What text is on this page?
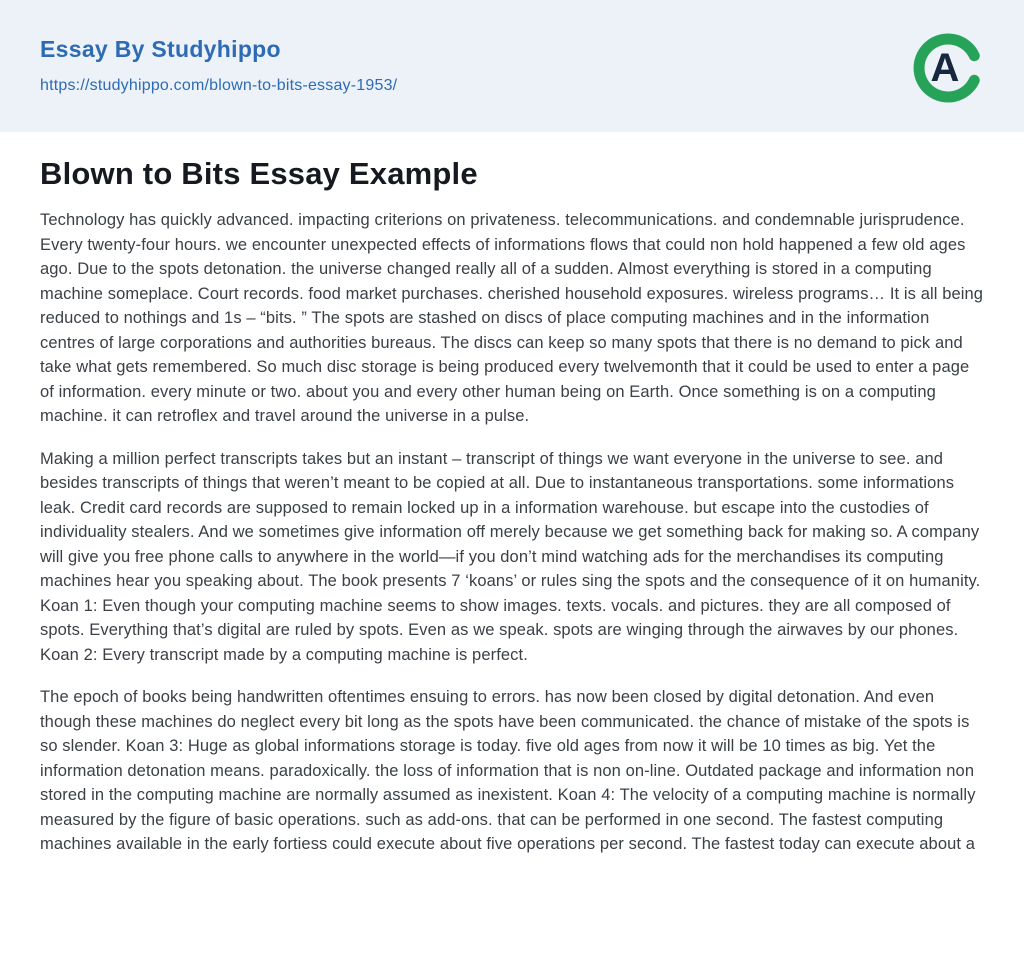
Essay By Studyhippo
https://studyhippo.com/blown-to-bits-essay-1953/	A
Blown to Bits Essay Example

Technology has quickly advanced. impacting criterions on privateness. telecommunications. and condemnable jurisprudence. Every twenty-four hours. we encounter unexpected effects of informations flows that could non hold happened a few old ages ago. Due to the spots detonation. the universe changed really all of a sudden. Almost everything is stored in a computing machine someplace. Court records. food market purchases. cherished household exposures. wireless programs… It is all being reduced to nothings and 1s – “bits. ” The spots are stashed on discs of place computing machines and in the information centres of large corporations and authorities bureaus. The discs can keep so many spots that there is no demand to pick and take what gets remembered. So much disc storage is being produced every twelvemonth that it could be used to enter a page of information. every minute or two. about you and every other human being on Earth. Once something is on a computing machine. it can retroflex and travel around the universe in a pulse.

Making a million perfect transcripts takes but an instant – transcript of things we want everyone in the universe to see. and besides transcripts of things that weren’t meant to be copied at all. Due to instantaneous transportations. some informations leak. Credit card records are supposed to remain locked up in a information warehouse. but escape into the custodies of individuality stealers. And we sometimes give information off merely because we get something back for making so. A company will give you free phone calls to anywhere in the world—if you don’t mind watching ads for the merchandises its computing machines hear you speaking about. The book presents 7 ‘koans’ or rules sing the spots and the consequence of it on humanity. Koan 1: Even though your computing machine seems to show images. texts. vocals. and pictures. they are all composed of spots. Everything that’s digital are ruled by spots. Even as we speak. spots are winging through the airwaves by our phones. Koan 2: Every transcript made by a computing machine is perfect.

The epoch of books being handwritten oftentimes ensuing to errors. has now been closed by digital detonation. And even though these machines do neglect every bit long as the spots have been communicated. the chance of mistake of the spots is so slender. Koan 3: Huge as global informations storage is today. five old ages from now it will be 10 times as big. Yet the information detonation means. paradoxically. the loss of information that is non on-line. Outdated package and information non stored in the computing machine are normally assumed as inexistent. Koan 4: The velocity of a computing machine is normally measured by the figure of basic operations. such as add-ons. that can be performed in one second. The fastest computing machines available in the early fortiess could execute about five operations per second. The fastest today can execute about a
